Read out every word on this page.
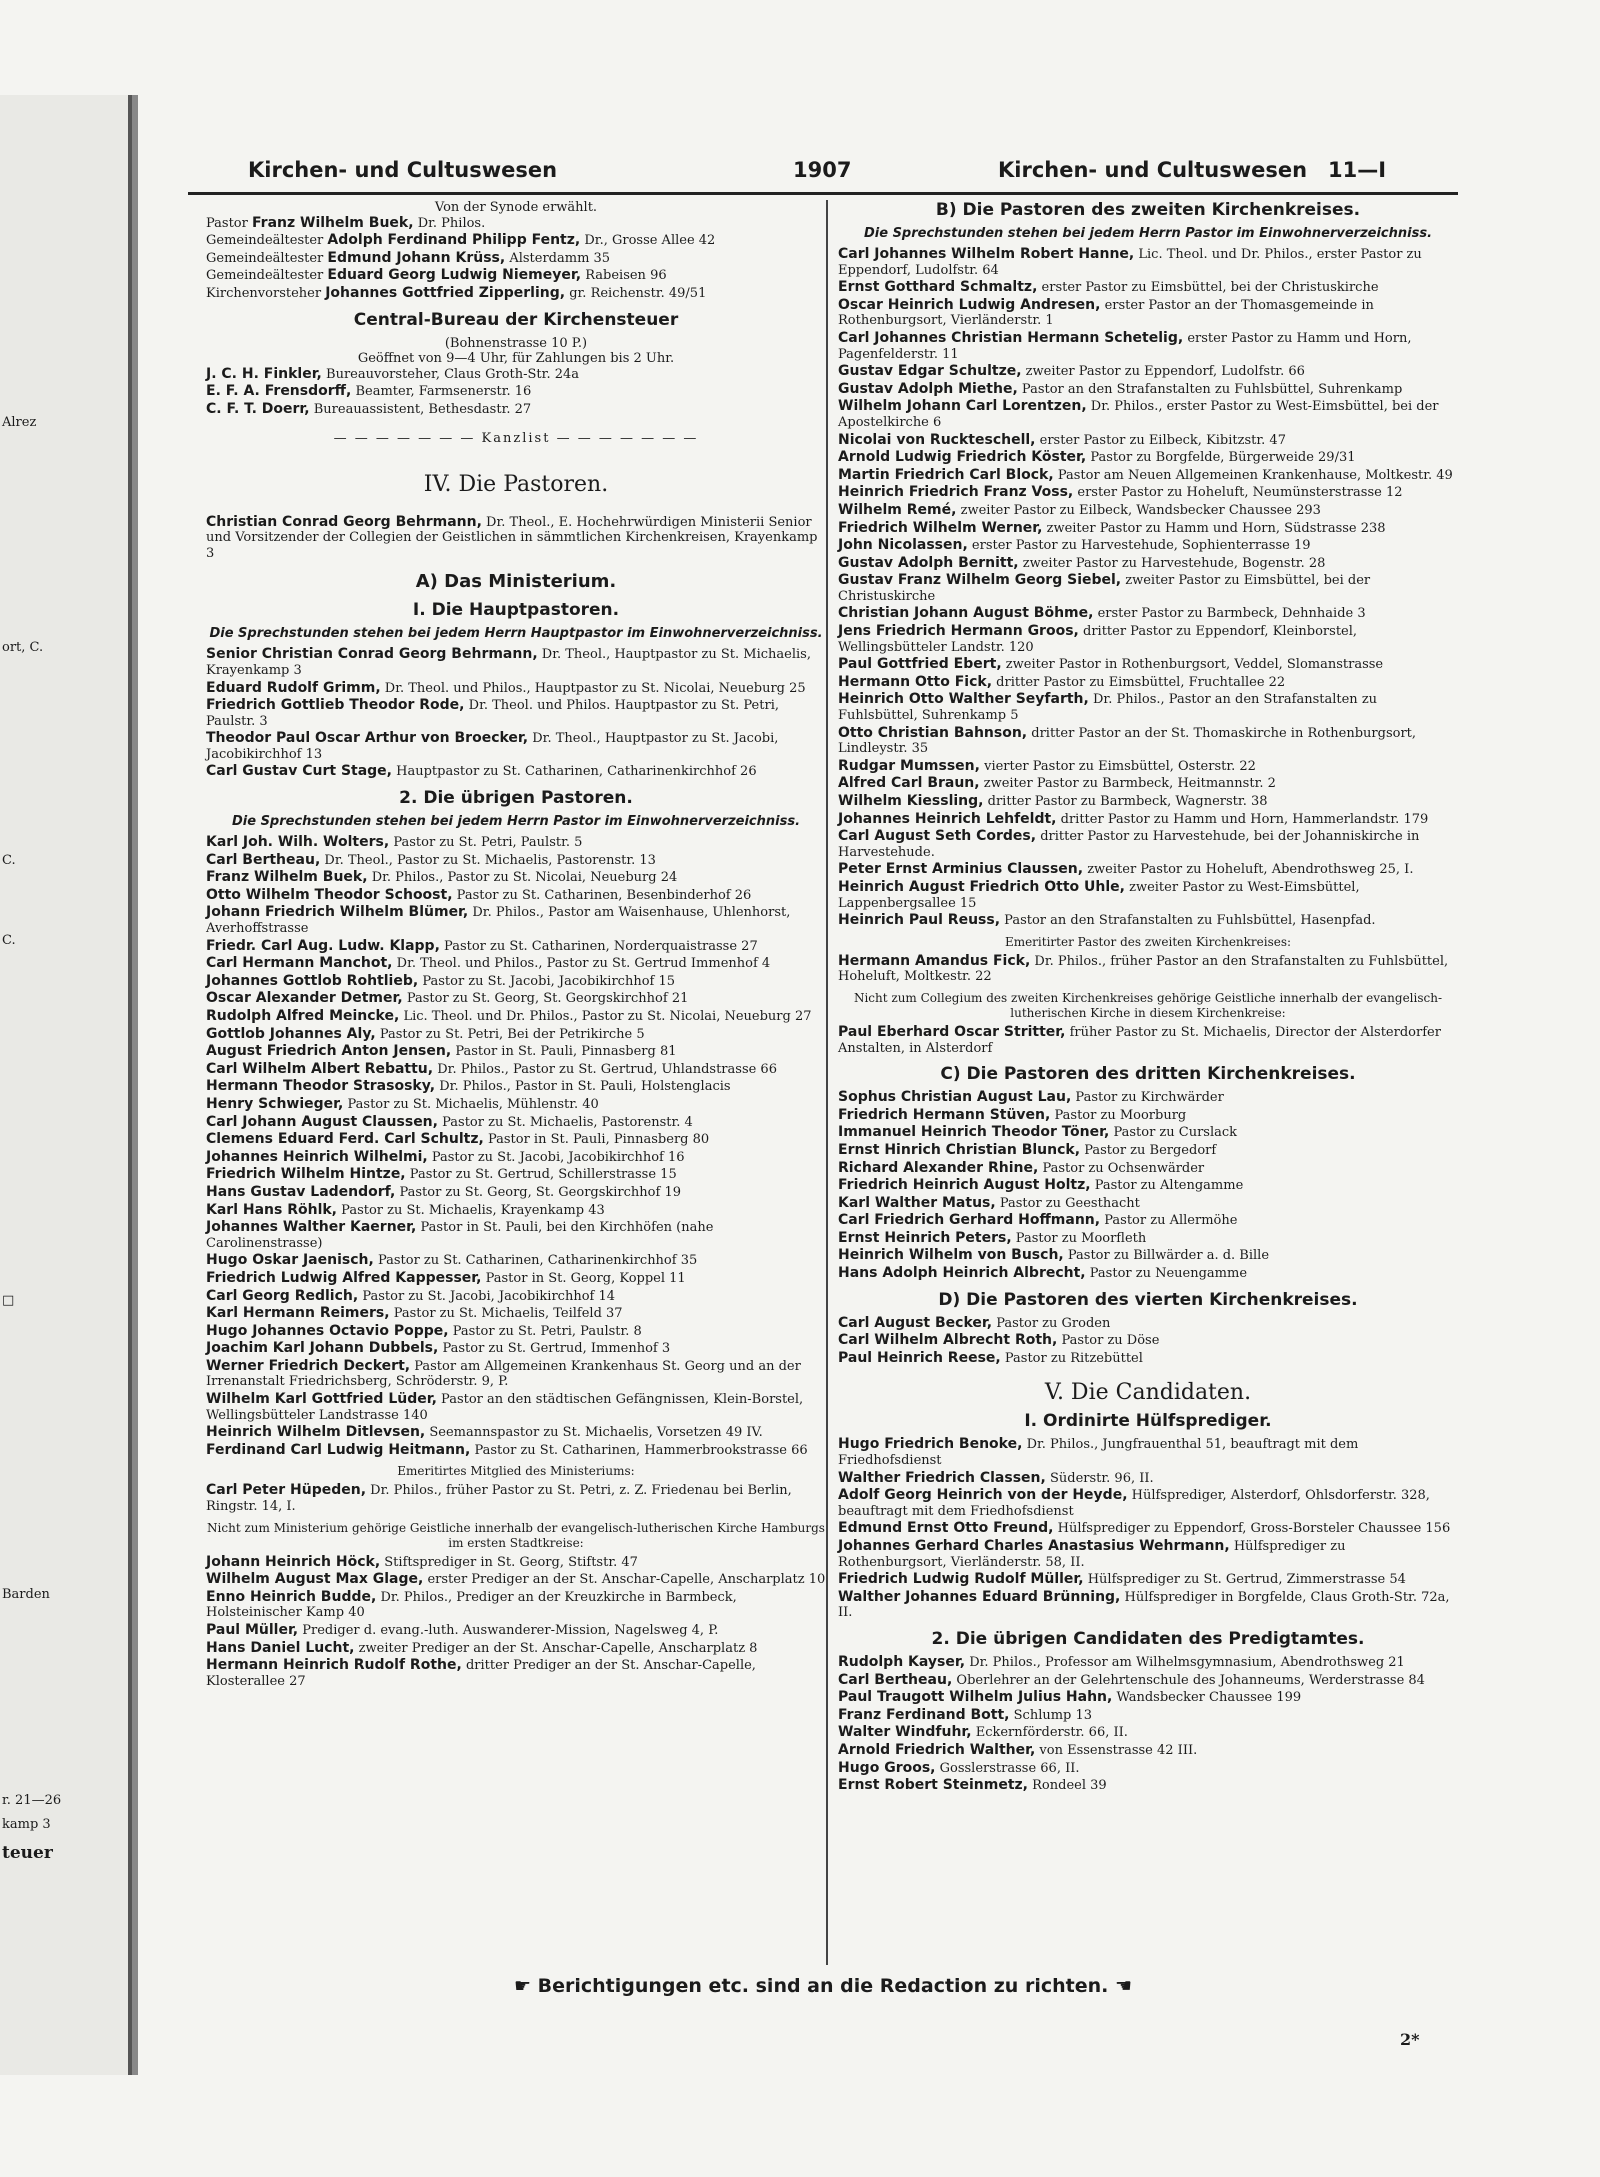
Alrez
ort, C.
C.
C.
□
Barden
r. 21—26
kamp 3
teuer
Kirchen- und Cultuswesen	1907	Kirchen- und Cultuswesen 11—I

Von der Synode erwählt.

Pastor Franz Wilhelm Buek, Dr. Philos.

Gemeindeältester Adolph Ferdinand Philipp Fentz, Dr., Grosse Allee 42

Gemeindeältester Edmund Johann Krüss, Alsterdamm 35

Gemeindeältester Eduard Georg Ludwig Niemeyer, Rabeisen 96

Kirchenvorsteher Johannes Gottfried Zipperling, gr. Reichenstr. 49/51

Central-Bureau der Kirchensteuer

(Bohnenstrasse 10 P.)

Geöffnet von 9—4 Uhr, für Zahlungen bis 2 Uhr.

J. C. H. Finkler, Bureauvorsteher, Claus Groth-Str. 24a

E. F. A. Frensdorff, Beamter, Farmsenerstr. 16

C. F. T. Doerr, Bureauassistent, Bethesdastr. 27

— — — — — — — Kanzlist — — — — — — —

IV. Die Pastoren.

Christian Conrad Georg Behrmann, Dr. Theol., E. Hochehrwürdigen Ministerii Senior und Vorsitzender der Collegien der Geistlichen in sämmtlichen Kirchenkreisen, Krayenkamp 3

A) Das Ministerium.
I. Die Hauptpastoren.

Die Sprechstunden stehen bei jedem Herrn Hauptpastor im Einwohnerverzeichniss.

Senior Christian Conrad Georg Behrmann, Dr. Theol., Hauptpastor zu St. Michaelis, Krayenkamp 3

Eduard Rudolf Grimm, Dr. Theol. und Philos., Hauptpastor zu St. Nicolai, Neueburg 25

Friedrich Gottlieb Theodor Rode, Dr. Theol. und Philos. Hauptpastor zu St. Petri, Paulstr. 3

Theodor Paul Oscar Arthur von Broecker, Dr. Theol., Hauptpastor zu St. Jacobi, Jacobikirchhof 13

Carl Gustav Curt Stage, Hauptpastor zu St. Catharinen, Catharinenkirchhof 26

2. Die übrigen Pastoren.

Die Sprechstunden stehen bei jedem Herrn Pastor im Einwohnerverzeichniss.

Karl Joh. Wilh. Wolters, Pastor zu St. Petri, Paulstr. 5

Carl Bertheau, Dr. Theol., Pastor zu St. Michaelis, Pastorenstr. 13

Franz Wilhelm Buek, Dr. Philos., Pastor zu St. Nicolai, Neueburg 24

Otto Wilhelm Theodor Schoost, Pastor zu St. Catharinen, Besenbinderhof 26

Johann Friedrich Wilhelm Blümer, Dr. Philos., Pastor am Waisenhause, Uhlenhorst, Averhoffstrasse

Friedr. Carl Aug. Ludw. Klapp, Pastor zu St. Catharinen, Norderquaistrasse 27

Carl Hermann Manchot, Dr. Theol. und Philos., Pastor zu St. Gertrud Immenhof 4

Johannes Gottlob Rohtlieb, Pastor zu St. Jacobi, Jacobikirchhof 15

Oscar Alexander Detmer, Pastor zu St. Georg, St. Georgskirchhof 21

Rudolph Alfred Meincke, Lic. Theol. und Dr. Philos., Pastor zu St. Nicolai, Neueburg 27

Gottlob Johannes Aly, Pastor zu St. Petri, Bei der Petrikirche 5

August Friedrich Anton Jensen, Pastor in St. Pauli, Pinnasberg 81

Carl Wilhelm Albert Rebattu, Dr. Philos., Pastor zu St. Gertrud, Uhlandstrasse 66

Hermann Theodor Strasosky, Dr. Philos., Pastor in St. Pauli, Holstenglacis

Henry Schwieger, Pastor zu St. Michaelis, Mühlenstr. 40

Carl Johann August Claussen, Pastor zu St. Michaelis, Pastorenstr. 4

Clemens Eduard Ferd. Carl Schultz, Pastor in St. Pauli, Pinnasberg 80

Johannes Heinrich Wilhelmi, Pastor zu St. Jacobi, Jacobikirchhof 16

Friedrich Wilhelm Hintze, Pastor zu St. Gertrud, Schillerstrasse 15

Hans Gustav Ladendorf, Pastor zu St. Georg, St. Georgskirchhof 19

Karl Hans Röhlk, Pastor zu St. Michaelis, Krayenkamp 43

Johannes Walther Kaerner, Pastor in St. Pauli, bei den Kirchhöfen (nahe Carolinenstrasse)

Hugo Oskar Jaenisch, Pastor zu St. Catharinen, Catharinenkirchhof 35

Friedrich Ludwig Alfred Kappesser, Pastor in St. Georg, Koppel 11

Carl Georg Redlich, Pastor zu St. Jacobi, Jacobikirchhof 14

Karl Hermann Reimers, Pastor zu St. Michaelis, Teilfeld 37

Hugo Johannes Octavio Poppe, Pastor zu St. Petri, Paulstr. 8

Joachim Karl Johann Dubbels, Pastor zu St. Gertrud, Immenhof 3

Werner Friedrich Deckert, Pastor am Allgemeinen Krankenhaus St. Georg und an der Irrenanstalt Friedrichsberg, Schröderstr. 9, P.

Wilhelm Karl Gottfried Lüder, Pastor an den städtischen Gefängnissen, Klein-Borstel, Wellingsbütteler Landstrasse 140

Heinrich Wilhelm Ditlevsen, Seemannspastor zu St. Michaelis, Vorsetzen 49 IV.

Ferdinand Carl Ludwig Heitmann, Pastor zu St. Catharinen, Hammerbrookstrasse 66

Emeritirtes Mitglied des Ministeriums:

Carl Peter Hüpeden, Dr. Philos., früher Pastor zu St. Petri, z. Z. Friedenau bei Berlin, Ringstr. 14, I.

Nicht zum Ministerium gehörige Geistliche innerhalb der evangelisch-lutherischen Kirche Hamburgs im ersten Stadtkreise:

Johann Heinrich Höck, Stiftsprediger in St. Georg, Stiftstr. 47

Wilhelm August Max Glage, erster Prediger an der St. Anschar-Capelle, Anscharplatz 10

Enno Heinrich Budde, Dr. Philos., Prediger an der Kreuzkirche in Barmbeck, Holsteinischer Kamp 40

Paul Müller, Prediger d. evang.-luth. Auswanderer-Mission, Nagelsweg 4, P.

Hans Daniel Lucht, zweiter Prediger an der St. Anschar-Capelle, Anscharplatz 8

Hermann Heinrich Rudolf Rothe, dritter Prediger an der St. Anschar-Capelle, Klosterallee 27

B) Die Pastoren des zweiten Kirchenkreises.

Die Sprechstunden stehen bei jedem Herrn Pastor im Einwohnerverzeichniss.

Carl Johannes Wilhelm Robert Hanne, Lic. Theol. und Dr. Philos., erster Pastor zu Eppendorf, Ludolfstr. 64

Ernst Gotthard Schmaltz, erster Pastor zu Eimsbüttel, bei der Christuskirche

Oscar Heinrich Ludwig Andresen, erster Pastor an der Thomasgemeinde in Rothenburgsort, Vierländerstr. 1

Carl Johannes Christian Hermann Schetelig, erster Pastor zu Hamm und Horn, Pagenfelderstr. 11

Gustav Edgar Schultze, zweiter Pastor zu Eppendorf, Ludolfstr. 66

Gustav Adolph Miethe, Pastor an den Strafanstalten zu Fuhlsbüttel, Suhrenkamp

Wilhelm Johann Carl Lorentzen, Dr. Philos., erster Pastor zu West-Eimsbüttel, bei der Apostelkirche 6

Nicolai von Ruckteschell, erster Pastor zu Eilbeck, Kibitzstr. 47

Arnold Ludwig Friedrich Köster, Pastor zu Borgfelde, Bürgerweide 29/31

Martin Friedrich Carl Block, Pastor am Neuen Allgemeinen Krankenhause, Moltkestr. 49

Heinrich Friedrich Franz Voss, erster Pastor zu Hoheluft, Neumünsterstrasse 12

Wilhelm Remé, zweiter Pastor zu Eilbeck, Wandsbecker Chaussee 293

Friedrich Wilhelm Werner, zweiter Pastor zu Hamm und Horn, Südstrasse 238

John Nicolassen, erster Pastor zu Harvestehude, Sophienterrasse 19

Gustav Adolph Bernitt, zweiter Pastor zu Harvestehude, Bogenstr. 28

Gustav Franz Wilhelm Georg Siebel, zweiter Pastor zu Eimsbüttel, bei der Christuskirche

Christian Johann August Böhme, erster Pastor zu Barmbeck, Dehnhaide 3

Jens Friedrich Hermann Groos, dritter Pastor zu Eppendorf, Kleinborstel, Wellingsbütteler Landstr. 120

Paul Gottfried Ebert, zweiter Pastor in Rothenburgsort, Veddel, Slomanstrasse

Hermann Otto Fick, dritter Pastor zu Eimsbüttel, Fruchtallee 22

Heinrich Otto Walther Seyfarth, Dr. Philos., Pastor an den Strafanstalten zu Fuhlsbüttel, Suhrenkamp 5

Otto Christian Bahnson, dritter Pastor an der St. Thomaskirche in Rothenburgsort, Lindleystr. 35

Rudgar Mumssen, vierter Pastor zu Eimsbüttel, Osterstr. 22

Alfred Carl Braun, zweiter Pastor zu Barmbeck, Heitmannstr. 2

Wilhelm Kiessling, dritter Pastor zu Barmbeck, Wagnerstr. 38

Johannes Heinrich Lehfeldt, dritter Pastor zu Hamm und Horn, Hammerlandstr. 179

Carl August Seth Cordes, dritter Pastor zu Harvestehude, bei der Johanniskirche in Harvestehude.

Peter Ernst Arminius Claussen, zweiter Pastor zu Hoheluft, Abendrothsweg 25, I.

Heinrich August Friedrich Otto Uhle, zweiter Pastor zu West-Eimsbüttel, Lappenbergsallee 15

Heinrich Paul Reuss, Pastor an den Strafanstalten zu Fuhlsbüttel, Hasenpfad.

Emeritirter Pastor des zweiten Kirchenkreises:

Hermann Amandus Fick, Dr. Philos., früher Pastor an den Strafanstalten zu Fuhlsbüttel, Hoheluft, Moltkestr. 22

Nicht zum Collegium des zweiten Kirchenkreises gehörige Geistliche innerhalb der evangelisch-lutherischen Kirche in diesem Kirchenkreise:

Paul Eberhard Oscar Stritter, früher Pastor zu St. Michaelis, Director der Alsterdorfer Anstalten, in Alsterdorf

C) Die Pastoren des dritten Kirchenkreises.

Sophus Christian August Lau, Pastor zu Kirchwärder

Friedrich Hermann Stüven, Pastor zu Moorburg

Immanuel Heinrich Theodor Töner, Pastor zu Curslack

Ernst Hinrich Christian Blunck, Pastor zu Bergedorf

Richard Alexander Rhine, Pastor zu Ochsenwärder

Friedrich Heinrich August Holtz, Pastor zu Altengamme

Karl Walther Matus, Pastor zu Geesthacht

Carl Friedrich Gerhard Hoffmann, Pastor zu Allermöhe

Ernst Heinrich Peters, Pastor zu Moorfleth

Heinrich Wilhelm von Busch, Pastor zu Billwärder a. d. Bille

Hans Adolph Heinrich Albrecht, Pastor zu Neuengamme

D) Die Pastoren des vierten Kirchenkreises.

Carl August Becker, Pastor zu Groden

Carl Wilhelm Albrecht Roth, Pastor zu Döse

Paul Heinrich Reese, Pastor zu Ritzebüttel

V. Die Candidaten.
I. Ordinirte Hülfsprediger.

Hugo Friedrich Benoke, Dr. Philos., Jungfrauenthal 51, beauftragt mit dem Friedhofsdienst

Walther Friedrich Classen, Süderstr. 96, II.

Adolf Georg Heinrich von der Heyde, Hülfsprediger, Alsterdorf, Ohlsdorferstr. 328, beauftragt mit dem Friedhofsdienst

Edmund Ernst Otto Freund, Hülfsprediger zu Eppendorf, Gross-Borsteler Chaussee 156

Johannes Gerhard Charles Anastasius Wehrmann, Hülfsprediger zu Rothenburgsort, Vierländerstr. 58, II.

Friedrich Ludwig Rudolf Müller, Hülfsprediger zu St. Gertrud, Zimmerstrasse 54

Walther Johannes Eduard Brünning, Hülfsprediger in Borgfelde, Claus Groth-Str. 72a, II.

2. Die übrigen Candidaten des Predigtamtes.

Rudolph Kayser, Dr. Philos., Professor am Wilhelmsgymnasium, Abendrothsweg 21

Carl Bertheau, Oberlehrer an der Gelehrtenschule des Johanneums, Werderstrasse 84

Paul Traugott Wilhelm Julius Hahn, Wandsbecker Chaussee 199

Franz Ferdinand Bott, Schlump 13

Walter Windfuhr, Eckernförderstr. 66, II.

Arnold Friedrich Walther, von Essenstrasse 42 III.

Hugo Groos, Gosslerstrasse 66, II.

Ernst Robert Steinmetz, Rondeel 39

☛ Berichtigungen etc. sind an die Redaction zu richten. ☚
2*
